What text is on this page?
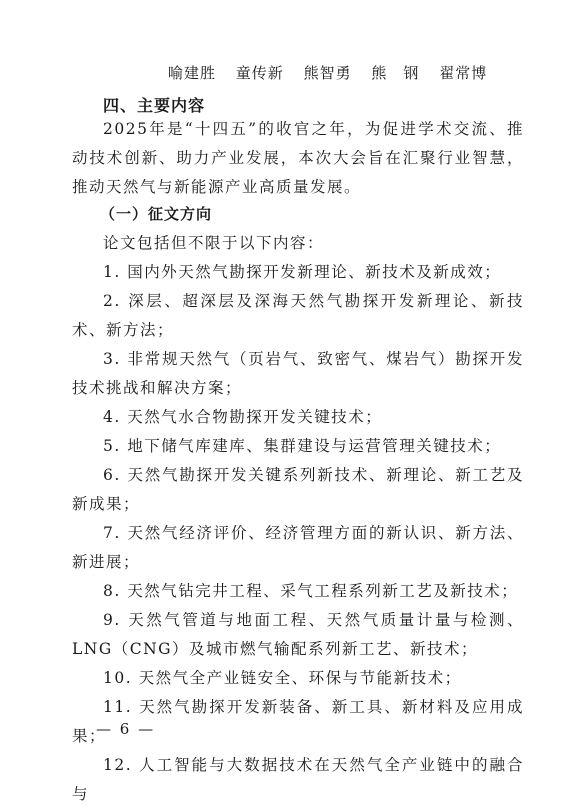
喻建胜 童传新 熊智勇 熊　钢 翟常博
四、主要内容
2025年是“十四五”的收官之年，为促进学术交流、推动技术创新、助力产业发展，本次大会旨在汇聚行业智慧，推动天然气与新能源产业高质量发展。
（一）征文方向

论文包括但不限于以下内容：

1. 国内外天然气勘探开发新理论、新技术及新成效；

2. 深层、超深层及深海天然气勘探开发新理论、新技术、新方法；

3. 非常规天然气（页岩气、致密气、煤岩气）勘探开发技术挑战和解决方案；

4. 天然气水合物勘探开发关键技术；

5. 地下储气库建库、集群建设与运营管理关键技术；

6. 天然气勘探开发关键系列新技术、新理论、新工艺及新成果；

7. 天然气经济评价、经济管理方面的新认识、新方法、新进展；

8. 天然气钻完井工程、采气工程系列新工艺及新技术；

9. 天然气管道与地面工程、天然气质量计量与检测、LNG（CNG）及城市燃气输配系列新工艺、新技术；

10. 天然气全产业链安全、环保与节能新技术；

11. 天然气勘探开发新装备、新工具、新材料及应用成果；

12. 人工智能与大数据技术在天然气全产业链中的融合与

— 6 —
